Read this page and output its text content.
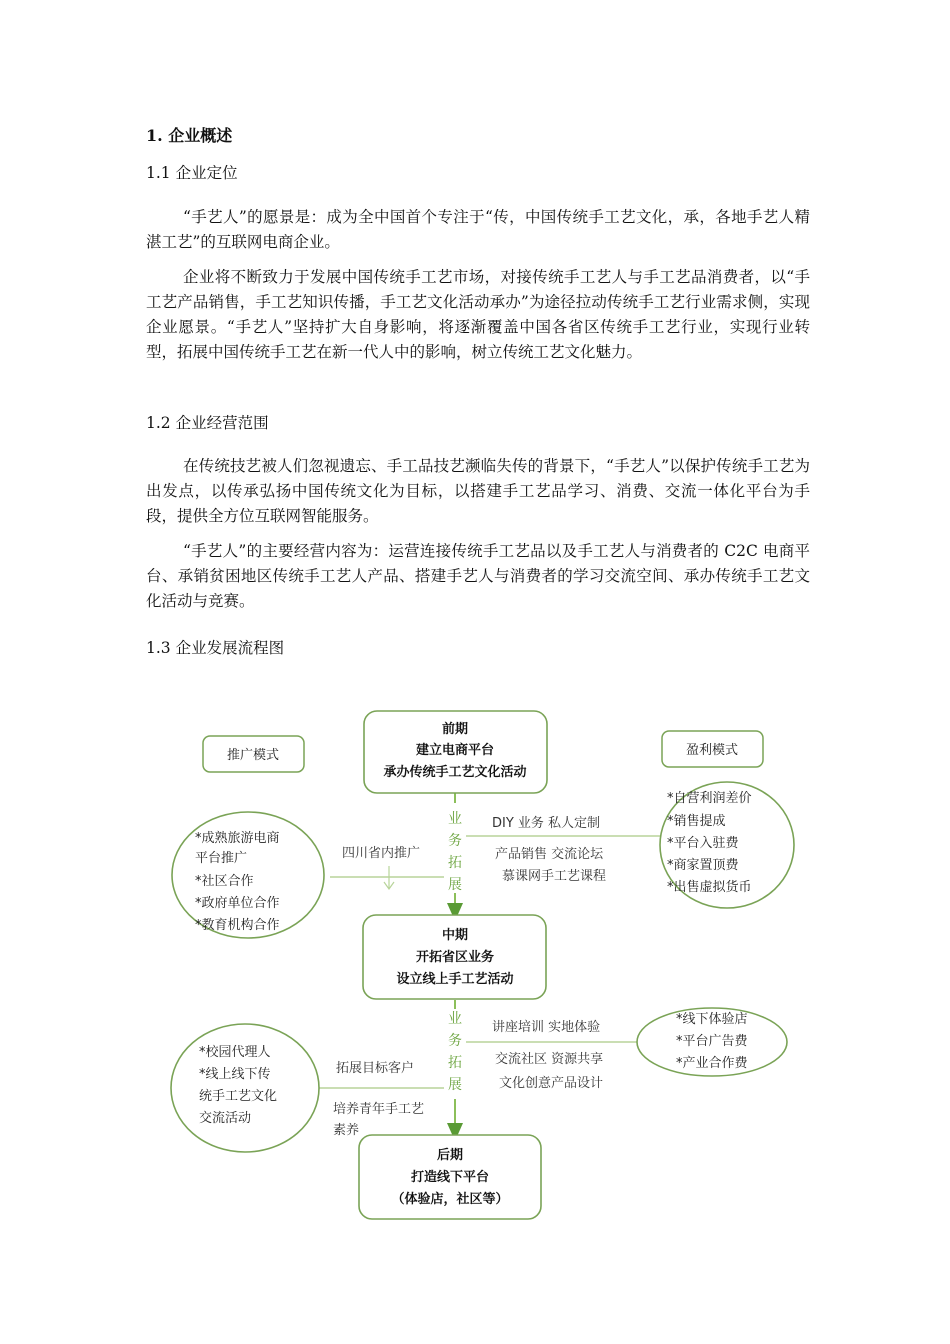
1. 企业概述
1.1 企业定位
“手艺人”的愿景是：成为全中国首个专注于“传，中国传统手工艺文化，承，各地手艺人精湛工艺”的互联网电商企业。
企业将不断致力于发展中国传统手工艺市场，对接传统手工艺人与手工艺品消费者，以“手工艺产品销售，手工艺知识传播，手工艺文化活动承办”为途径拉动传统手工艺行业需求侧，实现企业愿景。“手艺人”坚持扩大自身影响，将逐渐覆盖中国各省区传统手工艺行业，实现行业转型，拓展中国传统手工艺在新一代人中的影响，树立传统工艺文化魅力。
1.2 企业经营范围
在传统技艺被人们忽视遗忘、手工品技艺濒临失传的背景下，“手艺人”以保护传统手工艺为出发点，以传承弘扬中国传统文化为目标，以搭建手工艺品学习、消费、交流一体化平台为手段，提供全方位互联网智能服务。
“手艺人”的主要经营内容为：运营连接传统手工艺品以及手工艺人与消费者的 C2C 电商平台、承销贫困地区传统手工艺人产品、搭建手艺人与消费者的学习交流空间、承办传统手工艺文化活动与竞赛。
1.3 企业发展流程图
推广模式	盈利模式
前期
建立电商平台
承办传统手工艺文化活动
中期
开拓省区业务
设立线上手工艺活动
后期
打造线下平台
（体验店，社区等）
业
务
拓
展
业
务
拓
展
*成熟旅游电商
平台推广
*社区合作
*政府单位合作
*教育机构合作
*校园代理人
*线上线下传
统手工艺文化
交流活动
*自营利润差价
*销售提成
*平台入驻费
*商家置顶费
*出售虚拟货币
*线下体验店
*平台广告费
*产业合作费
四川省内推广
拓展目标客户
培养青年手工艺
素养
DIY 业务 私人定制
产品销售 交流论坛
慕课网手工艺课程
讲座培训 实地体验
交流社区 资源共享
文化创意产品设计
